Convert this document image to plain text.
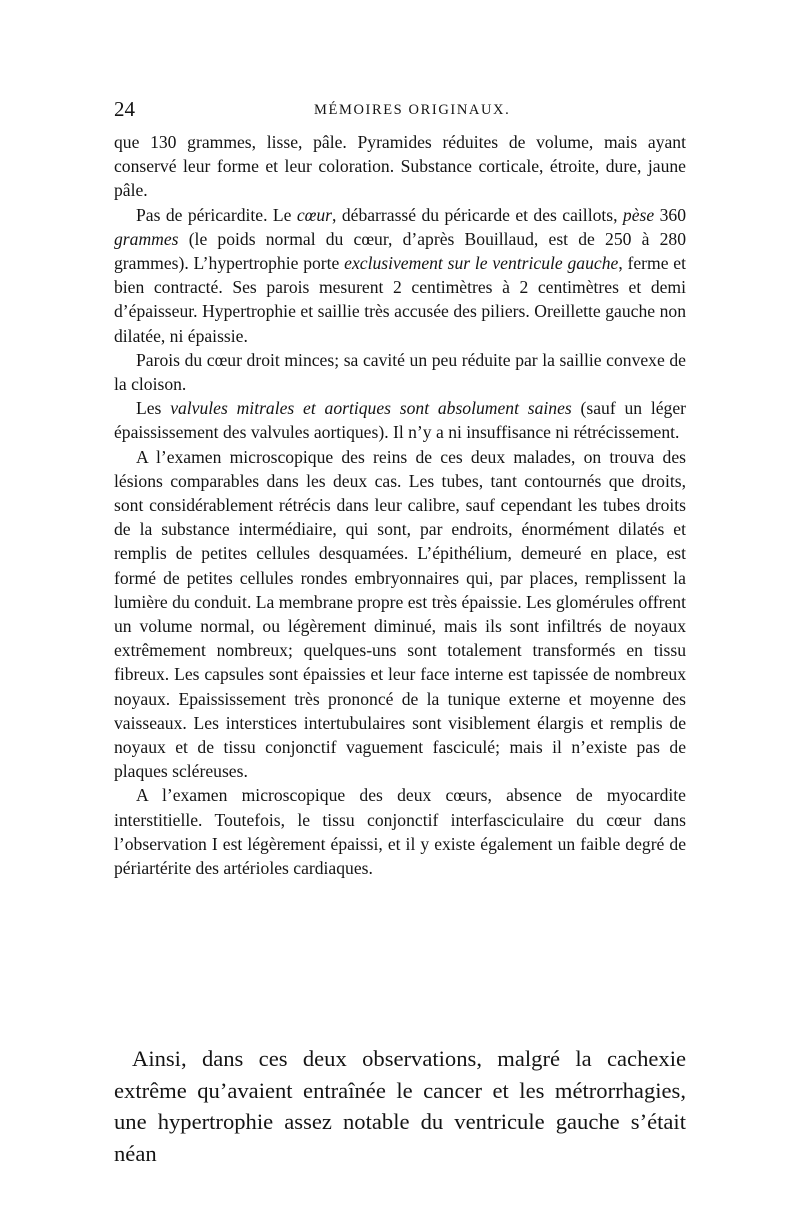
24	MÉMOIRES ORIGINAUX.

que 130 grammes, lisse, pâle. Pyramides réduites de volume, mais ayant conservé leur forme et leur coloration. Substance corticale, étroite, dure, jaune pâle.

Pas de péricardite. Le cœur, débarrassé du péricarde et des caillots, pèse 360 grammes (le poids normal du cœur, d’après Bouillaud, est de 250 à 280 grammes). L’hypertrophie porte exclusivement sur le ventricule gauche, ferme et bien contracté. Ses parois mesurent 2 centimètres à 2 centimètres et demi d’épaisseur. Hypertrophie et saillie très accusée des piliers. Oreillette gauche non dilatée, ni épaissie.

Parois du cœur droit minces; sa cavité un peu réduite par la saillie convexe de la cloison.

Les valvules mitrales et aortiques sont absolument saines (sauf un léger épaississement des valvules aortiques). Il n’y a ni insuffisance ni rétrécissement.

A l’examen microscopique des reins de ces deux malades, on trouva des lésions comparables dans les deux cas. Les tubes, tant contournés que droits, sont considérablement rétrécis dans leur calibre, sauf cependant les tubes droits de la substance intermédiaire, qui sont, par endroits, énormément dilatés et remplis de petites cellules desquamées. L’épithélium, demeuré en place, est formé de petites cellules rondes embryonnaires qui, par places, remplissent la lumière du conduit. La membrane propre est très épaissie. Les glomérules offrent un volume normal, ou légèrement diminué, mais ils sont infiltrés de noyaux extrêmement nombreux; quelques-uns sont totalement transformés en tissu fibreux. Les capsules sont épaissies et leur face interne est tapissée de nombreux noyaux. Epaississement très prononcé de la tunique externe et moyenne des vaisseaux. Les interstices intertubulaires sont visiblement élargis et remplis de noyaux et de tissu conjonctif vaguement fasciculé; mais il n’existe pas de plaques scléreuses.

A l’examen microscopique des deux cœurs, absence de myocardite interstitielle. Toutefois, le tissu conjonctif interfasciculaire du cœur dans l’observation I est légèrement épaissi, et il y existe également un faible degré de périartérite des artérioles cardiaques.

Ainsi, dans ces deux observations, malgré la cachexie extrême qu’avaient entraînée le cancer et les métrorrhagies, une hypertrophie assez notable du ventricule gauche s’était néan
